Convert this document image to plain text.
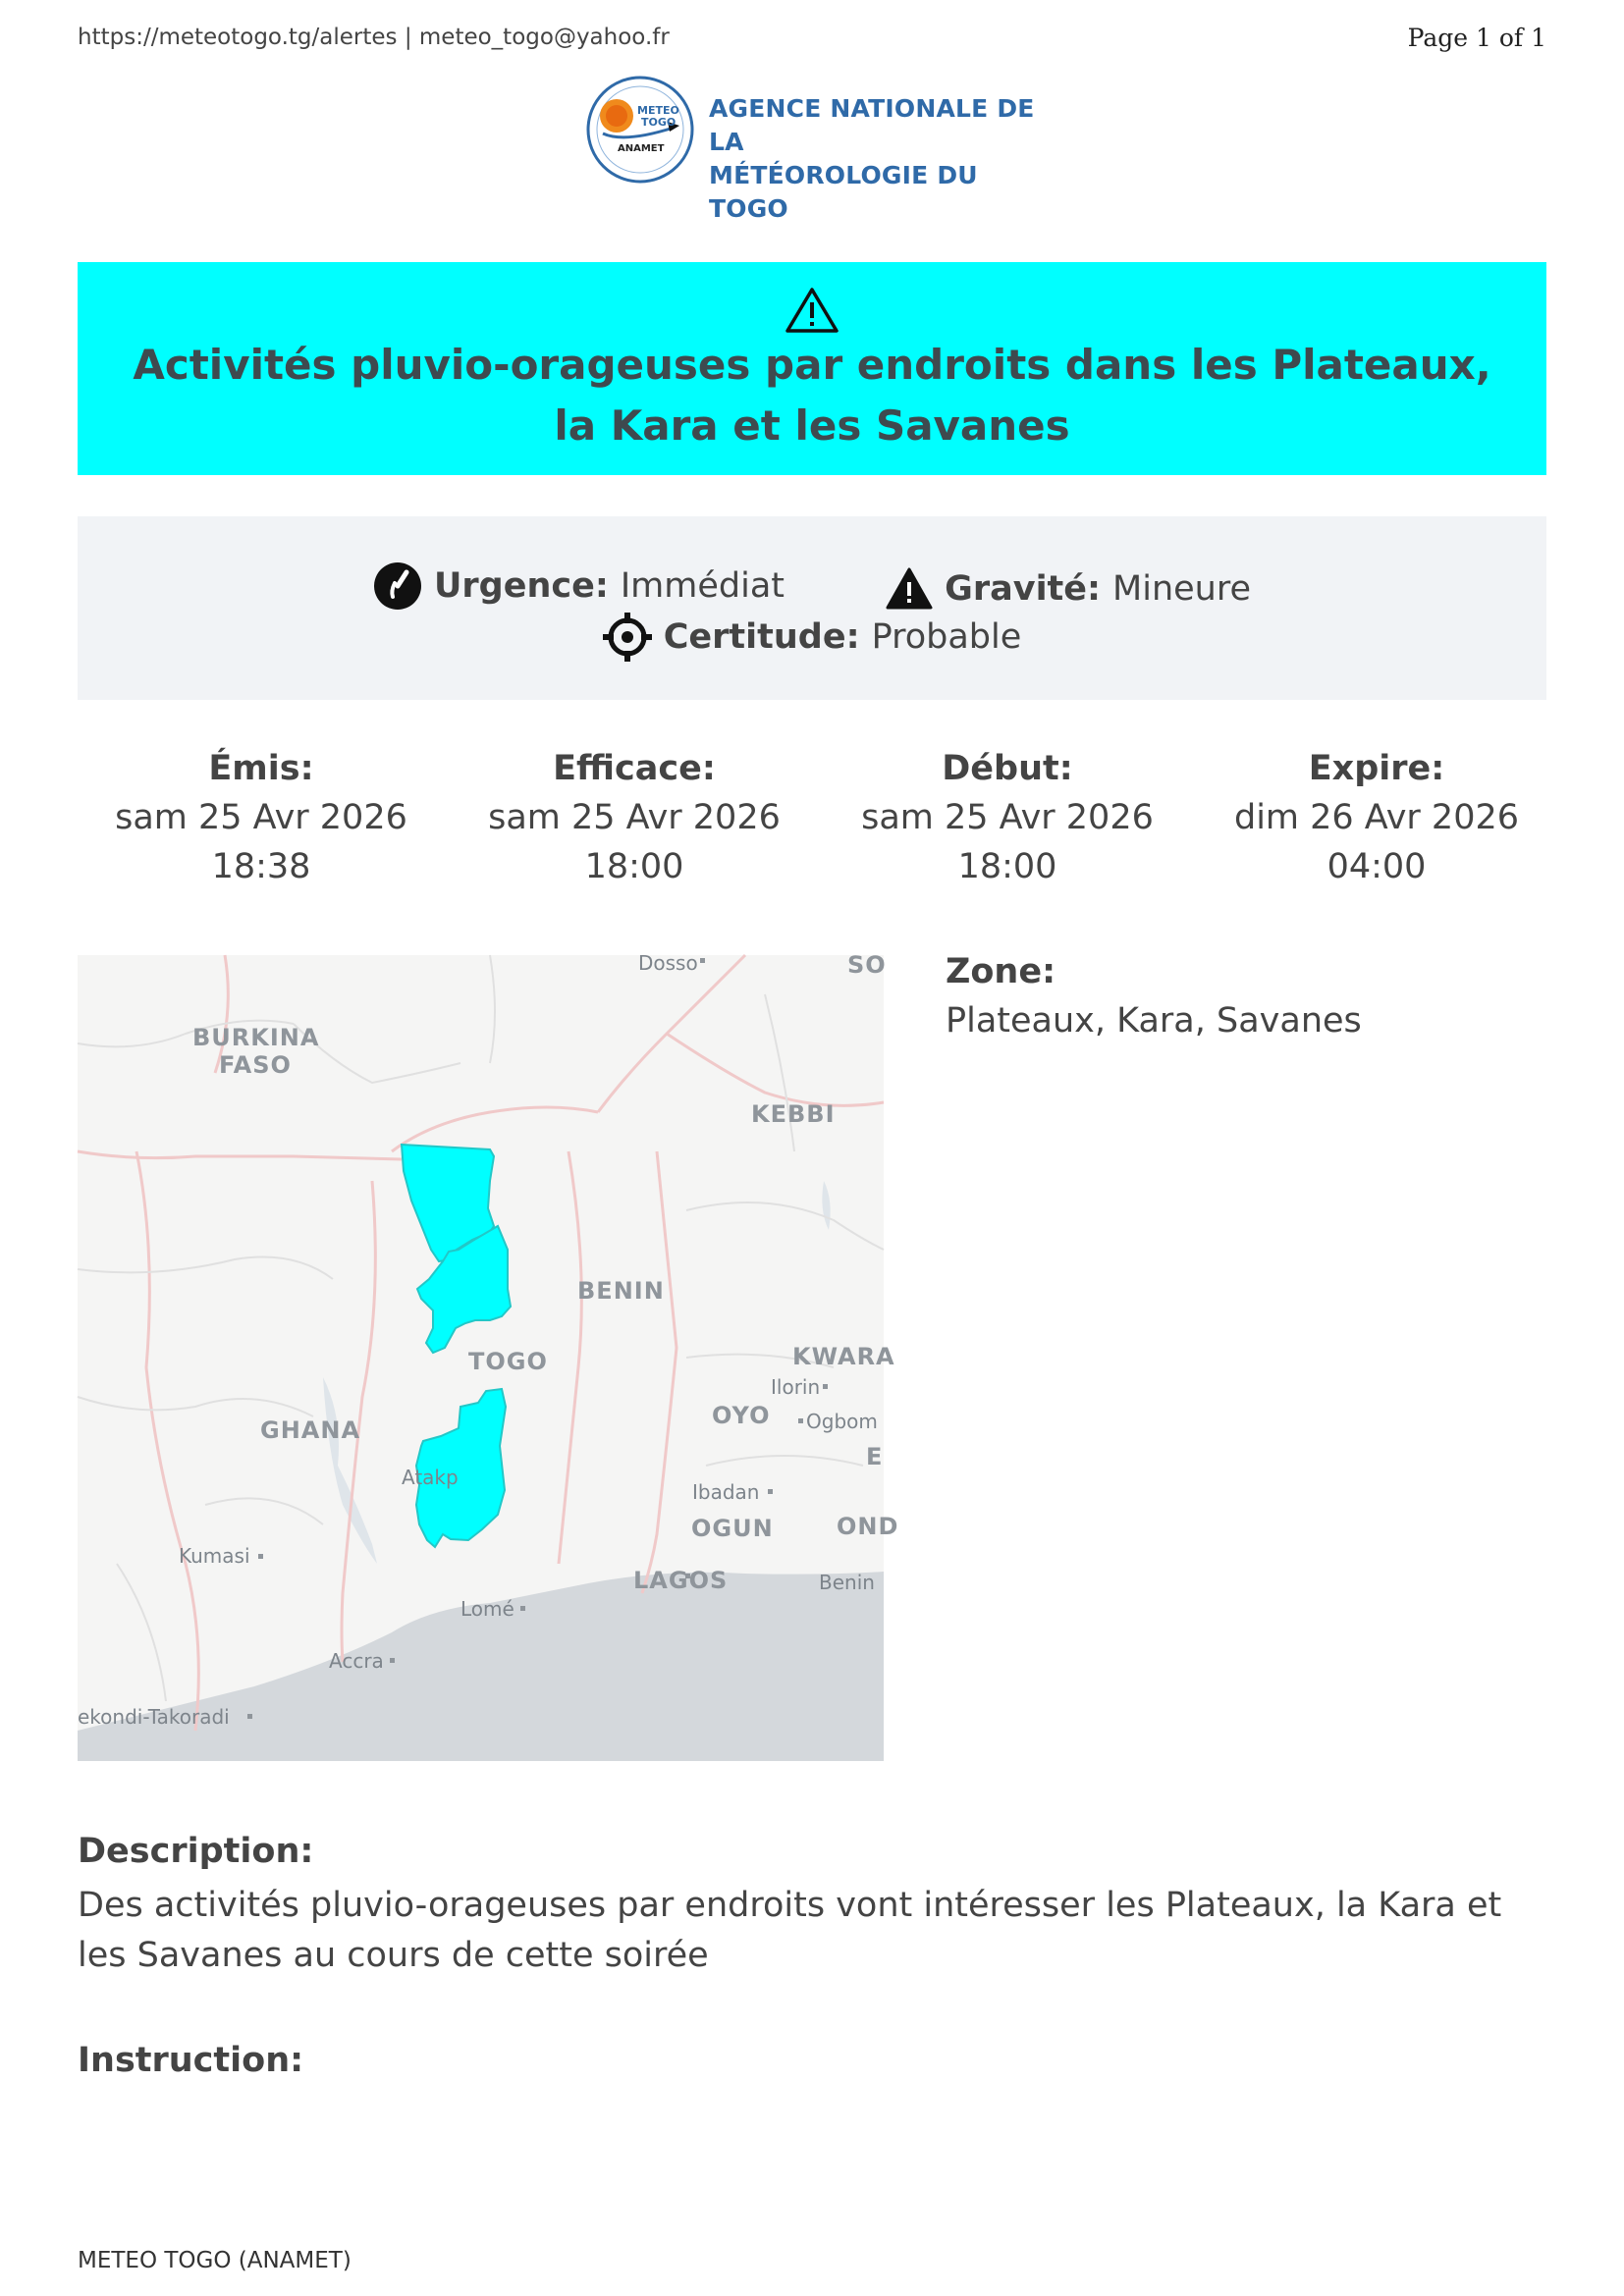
https://meteotogo.tg/alertes | meteo_togo@yahoo.fr	Page 1 of 1
METEO
TOGO
ANAMET
AGENCE NATIONALE DE LA
MÉTÉOROLOGIE DU TOGO
Activités pluvio-orageuses par endroits dans les Plateaux, la Kara et les Savanes
Urgence: Immédiat
	Gravité: Mineure
Certitude: Probable
Émis:
sam 25 Avr 2026
18:38
Efficace:
sam 25 Avr 2026
18:00
Début:
sam 25 Avr 2026
18:00
Expire:
dim 26 Avr 2026
04:00
Dosso	SO
BURKINA
FASO
KEBBI
BENIN
TOGO	KWARA
Ilorin
OYO Ogbom
E
GHANA
Atakp
Ibadan
OGUN	OND
Kumasi
LAGOS	Benin
Lomé
Accra
ekondi-Takoradi
Zone:
Plateaux, Kara, Savanes
Description:
Des activités pluvio-orageuses par endroits vont intéresser les Plateaux, la Kara et les Savanes au cours de cette soirée
Instruction:
METEO TOGO (ANAMET)
